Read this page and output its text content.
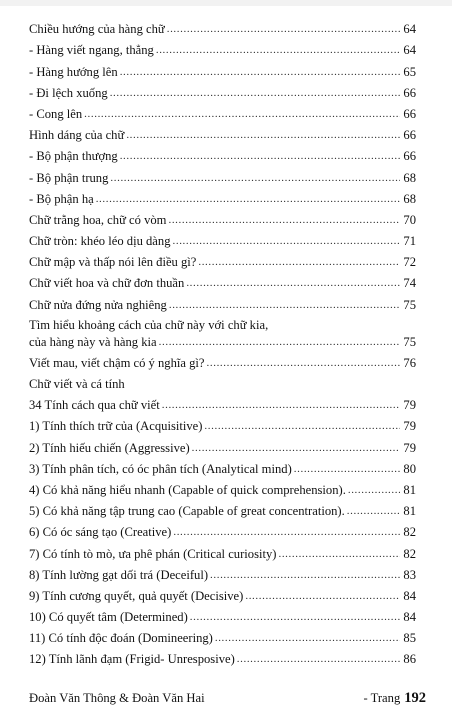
Chiều hướng của hàng chữ .....	64
- Hàng viết ngang, thẳng .....	64
- Hàng hướng lên .....	65
- Đi lệch xuống .....	66
- Cong lên .....	66
Hình dáng của chữ .....	66
- Bộ phận thượng .....	66
- Bộ phận trung .....	68
- Bộ phận hạ .....	68
Chữ trằng hoa, chữ có vòm .....	70
Chữ tròn: khéo léo dịu dàng .....	71
Chữ mập và thấp nói lên điều gì? .....	72
Chữ viết hoa và chữ đơn thuần .....	74
Chữ nửa đứng nửa nghiêng .....	75
Tìm hiểu khoảng cách của chữ này với chữ kia,
của hàng này và hàng kia .....	75
Viết mau, viết chậm có ý nghĩa gì? .....	76
Chữ viết và cá tính
34 Tính cách qua chữ viết .....	79
1) Tính thích trữ của (Acquisitive) .....	79
2) Tính hiếu chiến (Aggressive) .....	79
3) Tính phân tích, có óc phân tích (Analytical mind) .....	80
4) Có khả năng hiểu nhanh (Capable of quick comprehension). .....	81
5) Có khả năng tập trung cao (Capable of great concentration). .....	81
6) Có óc sáng tạo (Creative) .....	82
7) Có tính tò mò, ưa phê phán (Critical curiosity) .....	82
8) Tính lường gạt dối trá (Deceiful) .....	83
9) Tính cương quyết, quả quyết (Decisive) .....	84
10) Có quyết tâm (Determined) .....	84
11) Có tính độc đoán (Domineering) .....	85
12) Tính lãnh đạm (Frigid- Unresposive) .....	86
Đoàn Văn Thông & Đoàn Văn Hai	- Trang 192
